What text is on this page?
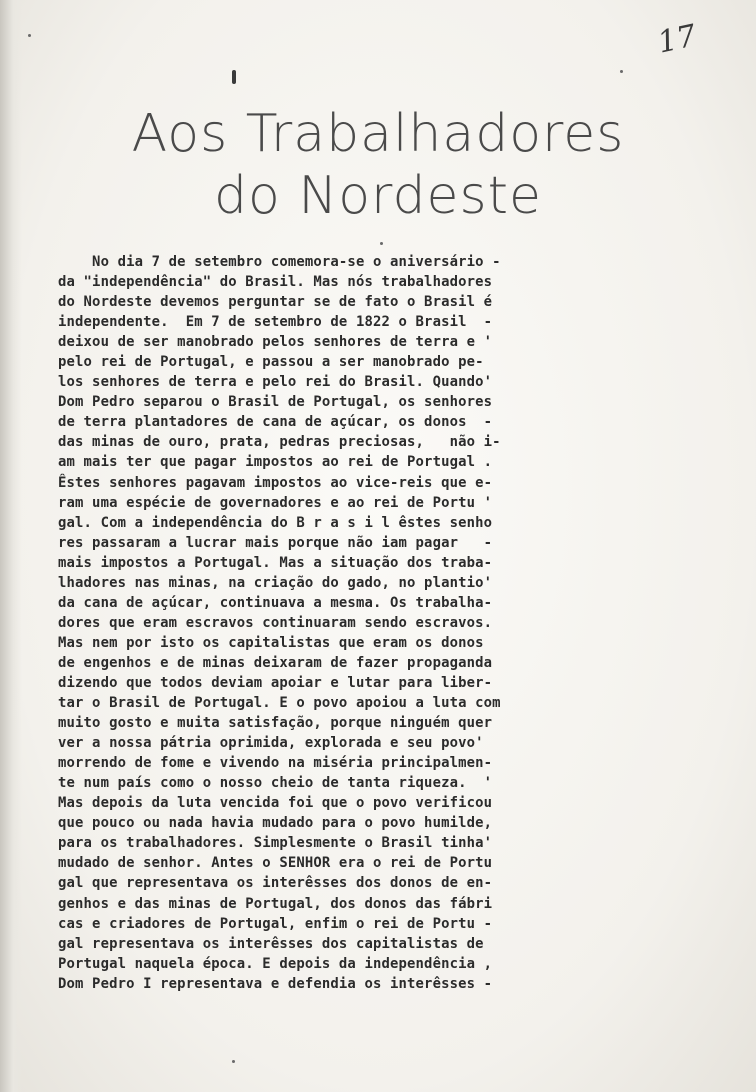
17
Aos Trabalhadores
do Nordeste
No dia 7 de setembro comemora-se o aniversário -
da "independência" do Brasil. Mas nós trabalhadores
do Nordeste devemos perguntar se de fato o Brasil é
independente.  Em 7 de setembro de 1822 o Brasil  -
deixou de ser manobrado pelos senhores de terra e '
pelo rei de Portugal, e passou a ser manobrado pe-
los senhores de terra e pelo rei do Brasil. Quando'
Dom Pedro separou o Brasil de Portugal, os senhores
de terra plantadores de cana de açúcar, os donos  -
das minas de ouro, prata, pedras preciosas,   não i-
am mais ter que pagar impostos ao rei de Portugal .
Êstes senhores pagavam impostos ao vice-reis que e-
ram uma espécie de governadores e ao rei de Portu '
gal. Com a independência do B r a s i l êstes senho
res passaram a lucrar mais porque não iam pagar   -
mais impostos a Portugal. Mas a situação dos traba-
lhadores nas minas, na criação do gado, no plantio'
da cana de açúcar, continuava a mesma. Os trabalha-
dores que eram escravos continuaram sendo escravos.
Mas nem por isto os capitalistas que eram os donos
de engenhos e de minas deixaram de fazer propaganda
dizendo que todos deviam apoiar e lutar para liber-
tar o Brasil de Portugal. E o povo apoiou a luta com
muito gosto e muita satisfação, porque ninguém quer
ver a nossa pátria oprimida, explorada e seu povo'
morrendo de fome e vivendo na miséria principalmen-
te num país como o nosso cheio de tanta riqueza.  '
Mas depois da luta vencida foi que o povo verificou
que pouco ou nada havia mudado para o povo humilde,
para os trabalhadores. Simplesmente o Brasil tinha'
mudado de senhor. Antes o SENHOR era o rei de Portu
gal que representava os interêsses dos donos de en-
genhos e das minas de Portugal, dos donos das fábri
cas e criadores de Portugal, enfim o rei de Portu -
gal representava os interêsses dos capitalistas de
Portugal naquela época. E depois da independência ,
Dom Pedro I representava e defendia os interêsses -
